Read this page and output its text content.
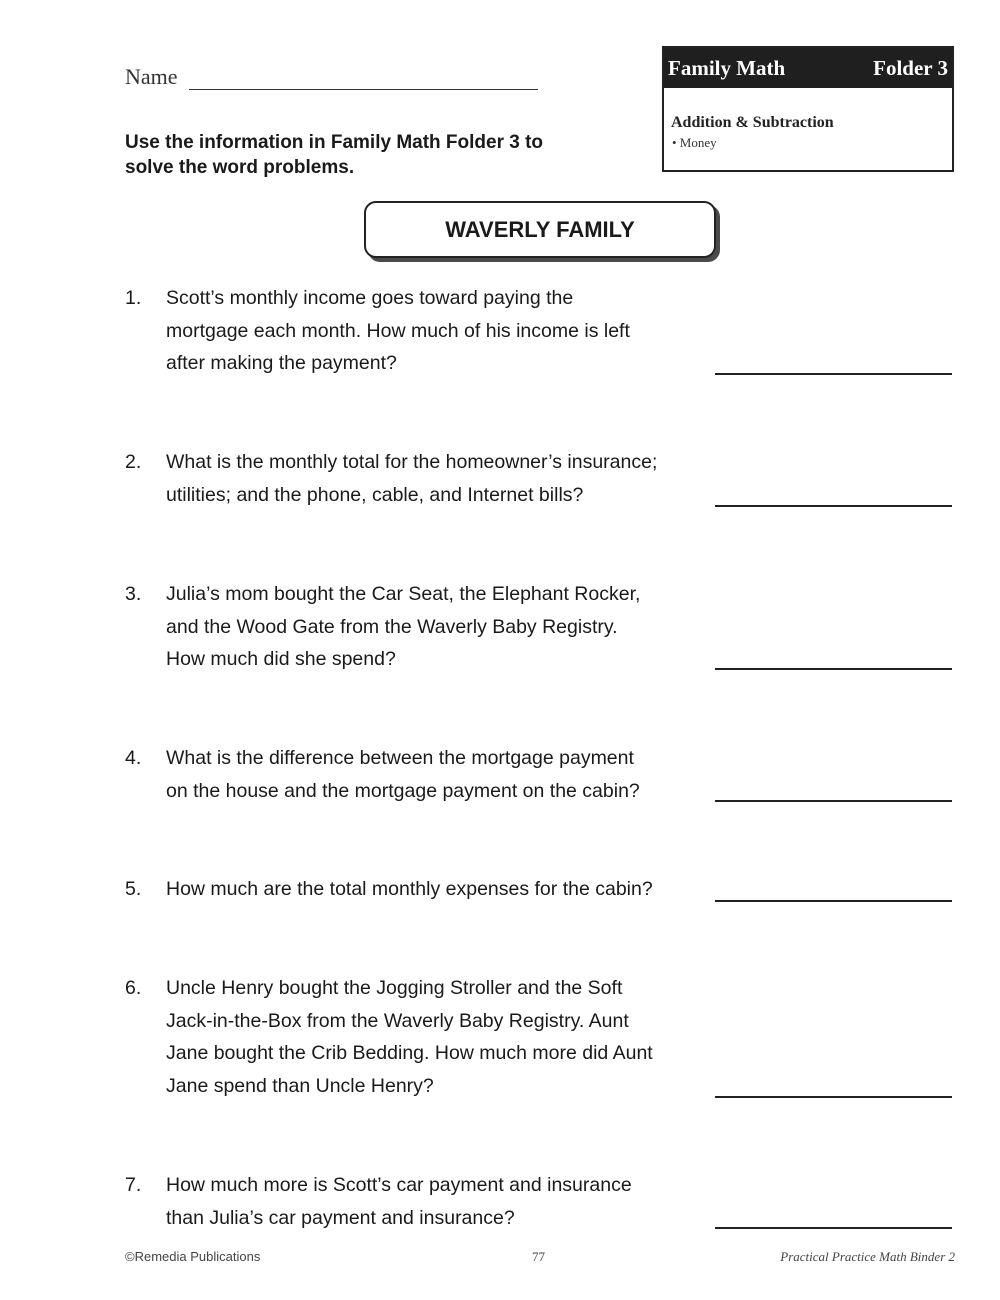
Name	Family Math	Folder 3
Addition & Subtraction
• Money
Use the information in Family Math Folder 3 to
solve the word problems.
WAVERLY FAMILY
1. Scott’s monthly income goes toward paying the
mortgage each month. How much of his income is left
after making the payment?
2. What is the monthly total for the homeowner’s insurance;
utilities; and the phone, cable, and Internet bills?
3. Julia’s mom bought the Car Seat, the Elephant Rocker,
and the Wood Gate from the Waverly Baby Registry.
How much did she spend?
4. What is the difference between the mortgage payment
on the house and the mortgage payment on the cabin?
5. How much are the total monthly expenses for the cabin?
6. Uncle Henry bought the Jogging Stroller and the Soft
Jack-in-the-Box from the Waverly Baby Registry. Aunt
Jane bought the Crib Bedding. How much more did Aunt
Jane spend than Uncle Henry?
7. How much more is Scott’s car payment and insurance
than Julia’s car payment and insurance?
©Remedia Publications	77	Practical Practice Math Binder 2
